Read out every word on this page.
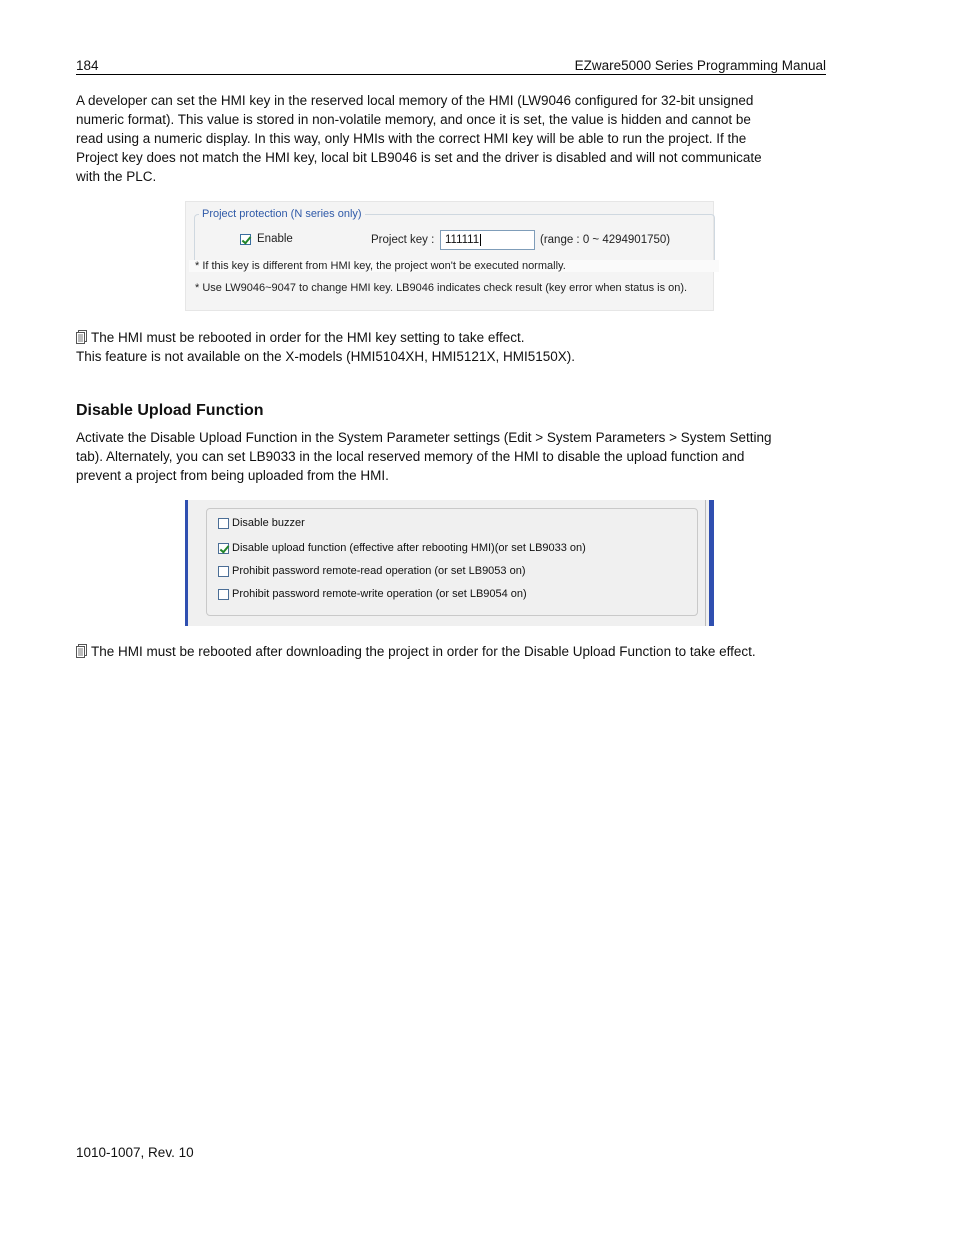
184	EZware5000 Series Programming Manual
A developer can set the HMI key in the reserved local memory of the HMI (LW9046 configured for 32-bit unsigned
numeric format). This value is stored in non-volatile memory, and once it is set, the value is hidden and cannot be
read using a numeric display. In this way, only HMIs with the correct HMI key will be able to run the project. If the
Project key does not match the HMI key, local bit LB9046 is set and the driver is disabled and will not communicate
with the PLC.
Project protection (N series only)
Enable	Project key : 111111	(range : 0 ~ 4294901750)
* If this key is different from HMI key, the project won't be executed normally.
* Use LW9046~9047 to change HMI key. LB9046 indicates check result (key error when status is on).
The HMI must be rebooted in order for the HMI key setting to take effect.
This feature is not available on the X-models (HMI5104XH, HMI5121X, HMI5150X).
Disable Upload Function
Activate the Disable Upload Function in the System Parameter settings (Edit > System Parameters > System Setting
tab). Alternately, you can set LB9033 in the local reserved memory of the HMI to disable the upload function and
prevent a project from being uploaded from the HMI.
Disable buzzer
Disable upload function (effective after rebooting HMI)(or set LB9033 on)
Prohibit password remote-read operation (or set LB9053 on)
Prohibit password remote-write operation (or set LB9054 on)
The HMI must be rebooted after downloading the project in order for the Disable Upload Function to take effect.
1010-1007, Rev. 10
